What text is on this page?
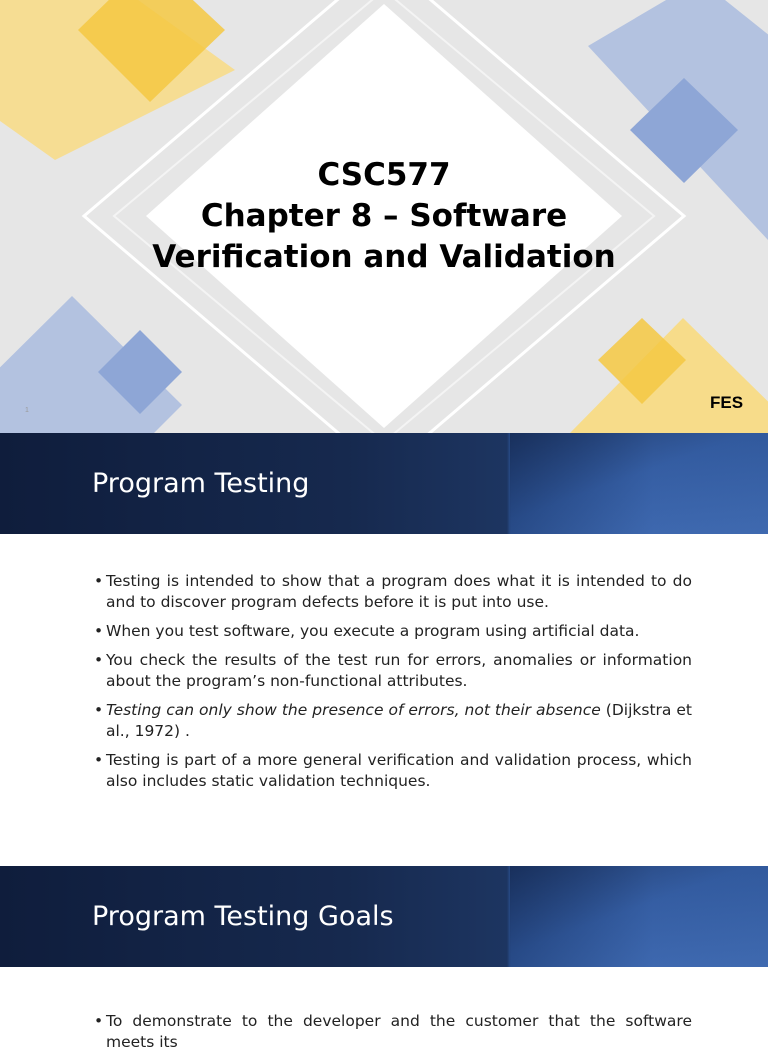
CSC577
Chapter 8 – Software
Verification and Validation
1	FES
Program Testing
• Testing is intended to show that a program does what it is intended to do and to discover program defects before it is put into use.
• When you test software, you execute a program using artificial data.
• You check the results of the test run for errors, anomalies or information about the program’s non-functional attributes.
• Testing can only show the presence of errors, not their absence (Dijkstra et al., 1972) .
• Testing is part of a more general verification and validation process, which also includes static validation techniques.
Program Testing Goals
• To demonstrate to the developer and the customer that the software meets its
